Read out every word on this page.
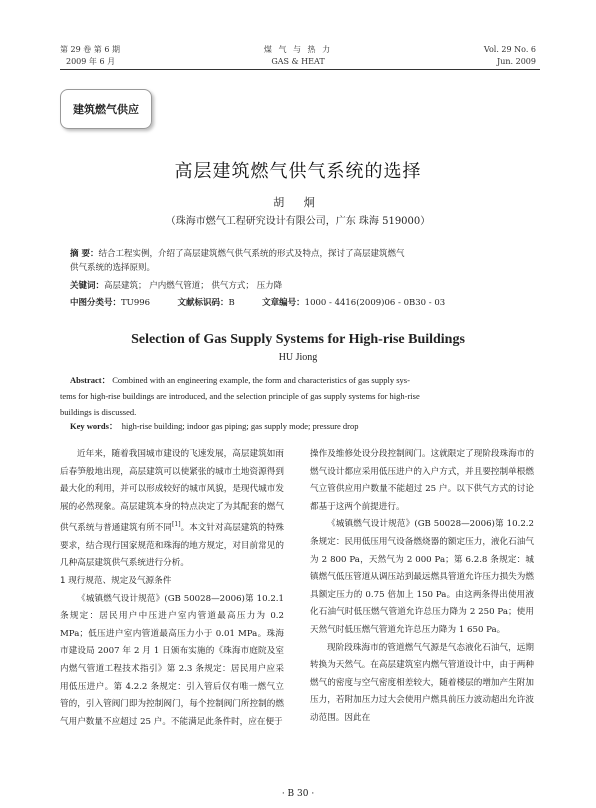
第 29 卷 第 6 期
2009 年 6 月
煤 气 与 热 力
GAS & HEAT
Vol. 29 No. 6
Jun. 2009
建筑燃气供应
高层建筑燃气供气系统的选择
胡 炯
（珠海市燃气工程研究设计有限公司，广东 珠海 519000）
摘 要：结合工程实例，介绍了高层建筑燃气供气系统的形式及特点，探讨了高层建筑燃气
供气系统的选择原则。
关键词：高层建筑； 户内燃气管道； 供气方式； 压力降
中图分类号：TU996	文献标识码：B	文章编号：1000 - 4416(2009)06 - 0B30 - 03
Selection of Gas Supply Systems for High-rise Buildings
HU Jiong
Abstract： Combined with an engineering example, the form and characteristics of gas supply sys-
tems for high-rise buildings are introduced, and the selection principle of gas supply systems for high-rise
buildings is discussed.
Key words： high-rise building; indoor gas piping; gas supply mode; pressure drop

近年来，随着我国城市建设的飞速发展，高层建筑如雨后春笋般地出现，高层建筑可以使紧张的城市土地资源得到最大化的利用，并可以形成较好的城市风貌，是现代城市发展的必然现象。高层建筑本身的特点决定了为其配套的燃气供气系统与普通建筑有所不同[1]。本文针对高层建筑的特殊要求，结合现行国家规范和珠海的地方规定，对目前常见的几种高层建筑供气系统进行分析。

1 现行规范、规定及气源条件

《城镇燃气设计规范》(GB 50028—2006)第 10.2.1 条规定：居民用户中压进户室内管道最高压力为 0.2 MPa；低压进户室内管道最高压力小于 0.01 MPa。珠海市建设局 2007 年 2 月 1 日颁布实施的《珠海市庭院及室内燃气管道工程技术指引》第 2.3 条规定：居民用户应采用低压进户。第 4.2.2 条规定：引入管后仅有唯一燃气立管的，引入管阀门即为控制阀门，每个控制阀门所控制的燃气用户数量不应超过 25 户。不能满足此条件时，应在便于

操作及维修处设分段控制阀门。这就限定了现阶段珠海市的燃气设计都应采用低压进户的入户方式，并且要控制单根燃气立管供应用户数量不能超过 25 户。以下供气方式的讨论都基于这两个前提进行。

《城镇燃气设计规范》(GB 50028—2006)第 10.2.2 条规定：民用低压用气设备燃烧器的额定压力，液化石油气为 2 800 Pa，天然气为 2 000 Pa；第 6.2.8 条规定：城镇燃气低压管道从调压站到最远燃具管道允许压力损失为燃具额定压力的 0.75 倍加上 150 Pa。由这两条得出使用液化石油气时低压燃气管道允许总压力降为 2 250 Pa；使用天然气时低压燃气管道允许总压力降为 1 650 Pa。

现阶段珠海市的管道燃气气源是气态液化石油气，远期转换为天然气。在高层建筑室内燃气管道设计中，由于两种燃气的密度与空气密度相差较大，随着楼层的增加产生附加压力，若附加压力过大会使用户燃具前压力波动超出允许波动范围。因此在

· B 30 ·
